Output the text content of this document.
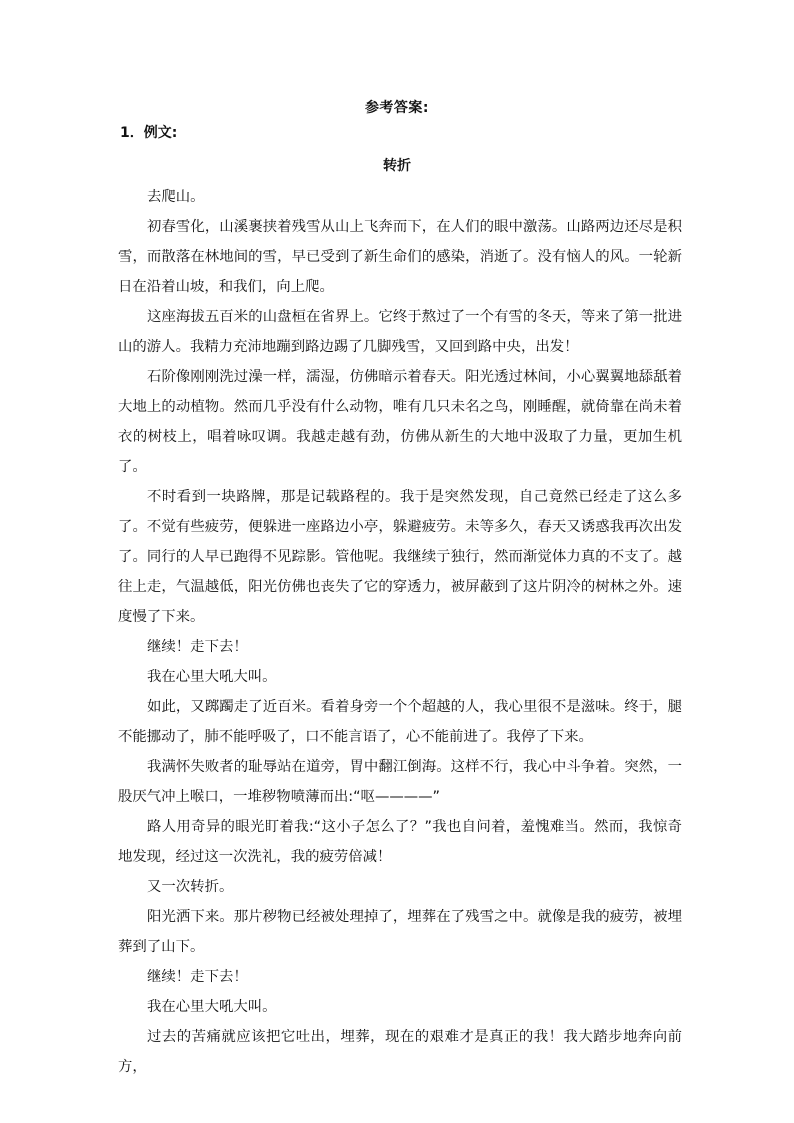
参考答案:
1．例文:
转折

去爬山。

初春雪化，山溪裹挟着残雪从山上飞奔而下，在人们的眼中激荡。山路两边还尽是积雪，而散落在林地间的雪，早已受到了新生命们的感染，消逝了。没有恼人的风。一轮新日在沿着山坡，和我们，向上爬。

这座海拔五百米的山盘桓在省界上。它终于熬过了一个有雪的冬天，等来了第一批进山的游人。我精力充沛地蹦到路边踢了几脚残雪，又回到路中央，出发！

石阶像刚刚洗过澡一样，濡湿，仿佛暗示着春天。阳光透过林间，小心翼翼地舔舐着大地上的动植物。然而几乎没有什么动物，唯有几只未名之鸟，刚睡醒，就倚靠在尚未着衣的树枝上，唱着咏叹调。我越走越有劲，仿佛从新生的大地中汲取了力量，更加生机了。

不时看到一块路牌，那是记载路程的。我于是突然发现，自己竟然已经走了这么多了。不觉有些疲劳，便躲进一座路边小亭，躲避疲劳。未等多久，春天又诱惑我再次出发了。同行的人早已跑得不见踪影。管他呢。我继续亍独行，然而渐觉体力真的不支了。越往上走，气温越低，阳光仿佛也丧失了它的穿透力，被屏蔽到了这片阴冷的树林之外。速度慢了下来。

继续！走下去！

我在心里大吼大叫。

如此，又踯躅走了近百米。看着身旁一个个超越的人，我心里很不是滋味。终于，腿不能挪动了，肺不能呼吸了，口不能言语了，心不能前进了。我停了下来。

我满怀失败者的耻辱站在道旁，胃中翻江倒海。这样不行，我心中斗争着。突然，一股厌气冲上喉口，一堆秽物喷薄而出:“呕————”

路人用奇异的眼光盯着我:“这小子怎么了？”我也自问着，羞愧难当。然而，我惊奇地发现，经过这一次洗礼，我的疲劳倍减！

又一次转折。

阳光洒下来。那片秽物已经被处理掉了，埋葬在了残雪之中。就像是我的疲劳，被埋葬到了山下。

继续！走下去！

我在心里大吼大叫。

过去的苦痛就应该把它吐出，埋葬，现在的艰难才是真正的我！我大踏步地奔向前方，
